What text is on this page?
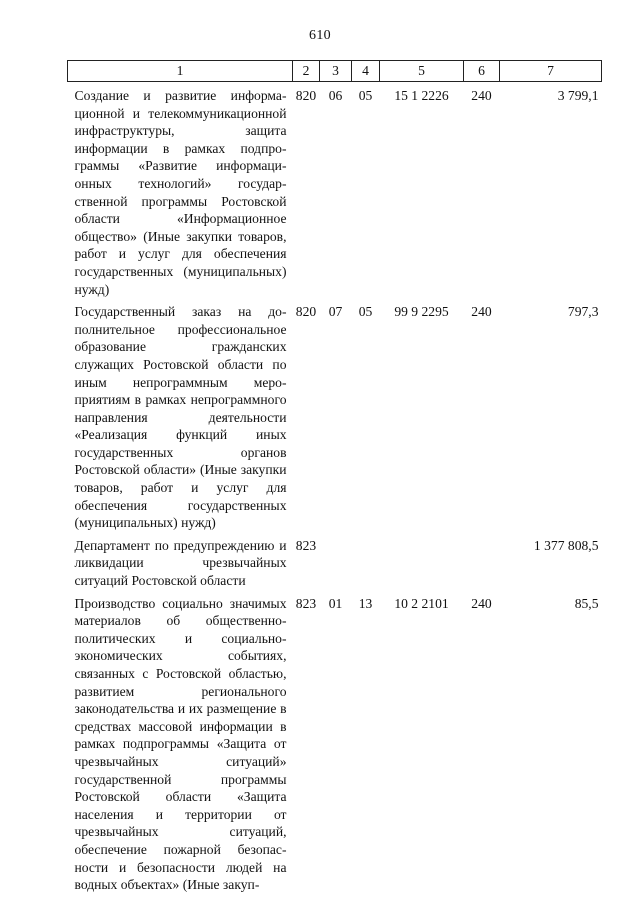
610
1	2	3	4	5	6	7
Создание и развитие информационной и телекоммуникационной инфраструктуры, защита информации в рамках подпрограммы «Развитие информационных технологий» государственной программы Ростовской области «Информационное общество» (Иные закупки товаров, работ и услуг для обеспечения государственных (муниципальных) нужд)	820	06	05	15 1 2226	240	3 799,1
Государственный заказ на дополнительное профессиональное образование гражданских служащих Ростовской области по иным непрограммным мероприятиям в рамках непрограммного направления деятельности «Реализация функций иных государственных органов Ростовской области» (Иные закупки товаров, работ и услуг для обеспечения государственных (муниципальных) нужд)	820	07	05	99 9 2295	240	797,3
Департамент по предупреждению и ликвидации чрезвычайных ситуаций Ростовской области	823					1 377 808,5
Производство социально значимых материалов об общественно-политических и социально-экономических событиях, связанных с Ростовской областью, развитием регионального законодательства и их размещение в средствах массовой информации в рамках подпрограммы «Защита от чрезвычайных ситуаций» государственной программы Ростовской области «Защита населения и территории от чрезвычайных ситуаций, обеспечение пожарной безопасности и безопасности людей на водных объектах» (Иные закуп-	823	01	13	10 2 2101	240	85,5
